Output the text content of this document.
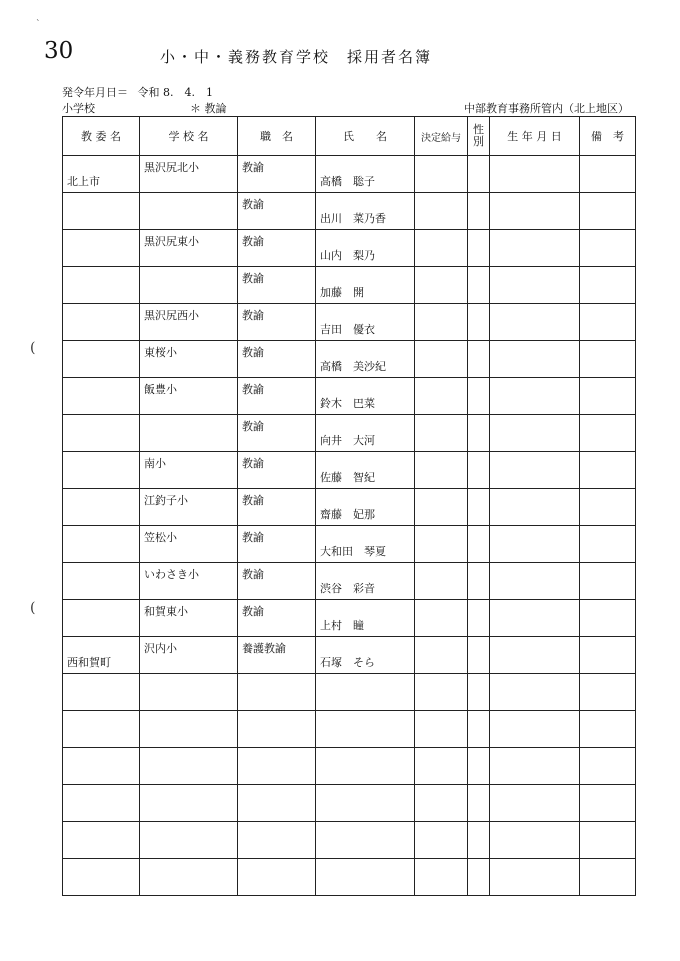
30	小・中・義務教育学校　採用者名簿
発令年月日＝ 令和 8.　4.　1
小学校	＊ 教論	中部教育事務所管内（北上地区）
(
(
`
教 委 名	学 校 名	職　名	氏　　名	決定給与	性別	生 年 月 日	備　考

北上市	黒沢尻北小	教諭	高橋　聡子				

		教諭	出川　菜乃香				

	黒沢尻東小	教諭	山内　梨乃				

		教諭	加藤　開				

	黒沢尻西小	教諭	吉田　優衣				

	東桜小	教諭	高橋　美沙紀				

	飯豊小	教諭	鈴木　巴菜				

		教諭	向井　大河				

	南小	教諭	佐藤　智紀				

	江釣子小	教諭	齋藤　妃那				

	笠松小	教諭	大和田　琴夏				

	いわさき小	教諭	渋谷　彩音				

	和賀東小	教諭	上村　瞳				

西和賀町	沢内小	養護教諭	石塚　そら				
